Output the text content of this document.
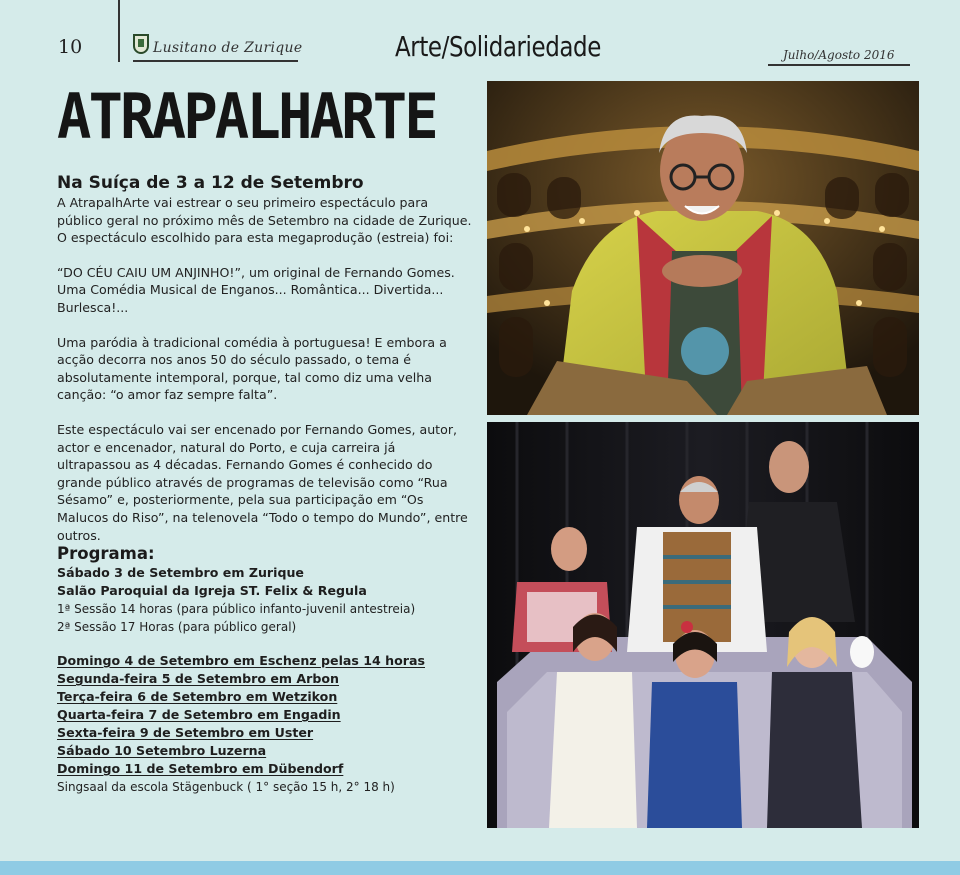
10	Lusitano de Zurique	Arte/Solidariedade	Julho/Agosto 2016
ATRAPALHARTE

Na Suíça de 3 a 12 de Setembro

A AtrapalhArte vai estrear o seu primeiro espectáculo para público geral no próximo mês de Setembro na cidade de Zurique. O espectáculo escolhido para esta megaprodução (estreia) foi:

“DO CÉU CAIU UM ANJINHO!”, um original de Fernando Gomes.

Uma Comédia Musical de Enganos... Romântica... Divertida... Burlesca!...

Uma paródia à tradicional comédia à portuguesa! E embora a acção decorra nos anos 50 do século passado, o tema é absolutamente intemporal, porque, tal como diz uma velha canção: “o amor faz sempre falta”.

Este espectáculo vai ser encenado por Fernando Gomes, autor, actor e encenador, natural do Porto, e cuja carreira já ultrapassou as 4 décadas. Fernando Gomes é conhecido do grande público através de programas de televisão como “Rua Sésamo” e, posteriormente, pela sua participação em “Os Malucos do Riso”, na telenovela “Todo o tempo do Mundo”, entre outros.

Programa:
Sábado 3 de Setembro em Zurique
Salão Paroquial da Igreja ST. Felix & Regula
1ª Sessão 14 horas (para público infanto-juvenil antestreia)
2ª Sessão 17 Horas (para público geral)
Domingo 4 de Setembro em Eschenz pelas 14 horas
Segunda-feira 5 de Setembro em Arbon
Terça-feira 6 de Setembro em Wetzikon
Quarta-feira 7 de Setembro em Engadin
Sexta-feira 9 de Setembro em Uster
Sábado 10 Setembro Luzerna
Domingo 11 de Setembro em Dübendorf
Singsaal da escola Stägenbuck ( 1° seção 15 h, 2° 18 h)
